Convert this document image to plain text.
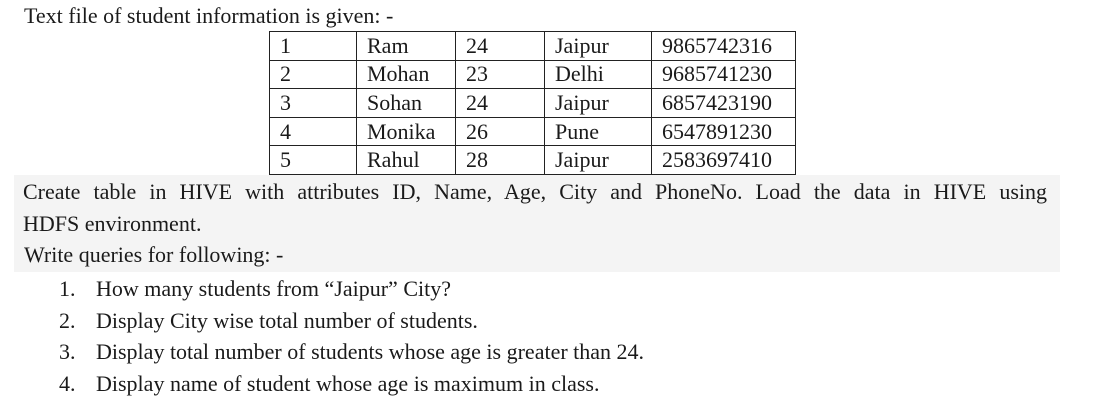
Text file of student information is given: -
1	Ram	24	Jaipur	9865742316
2	Mohan	23	Delhi	9685741230
3	Sohan	24	Jaipur	6857423190
4	Monika	26	Pune	6547891230
5	Rahul	28	Jaipur	2583697410
Create table in HIVE with attributes ID, Name, Age, City and PhoneNo. Load the data in HIVE using
HDFS environment.
Write queries for following: -
1. How many students from “Jaipur” City?
2. Display City wise total number of students.
3. Display total number of students whose age is greater than 24.
4. Display name of student whose age is maximum in class.
